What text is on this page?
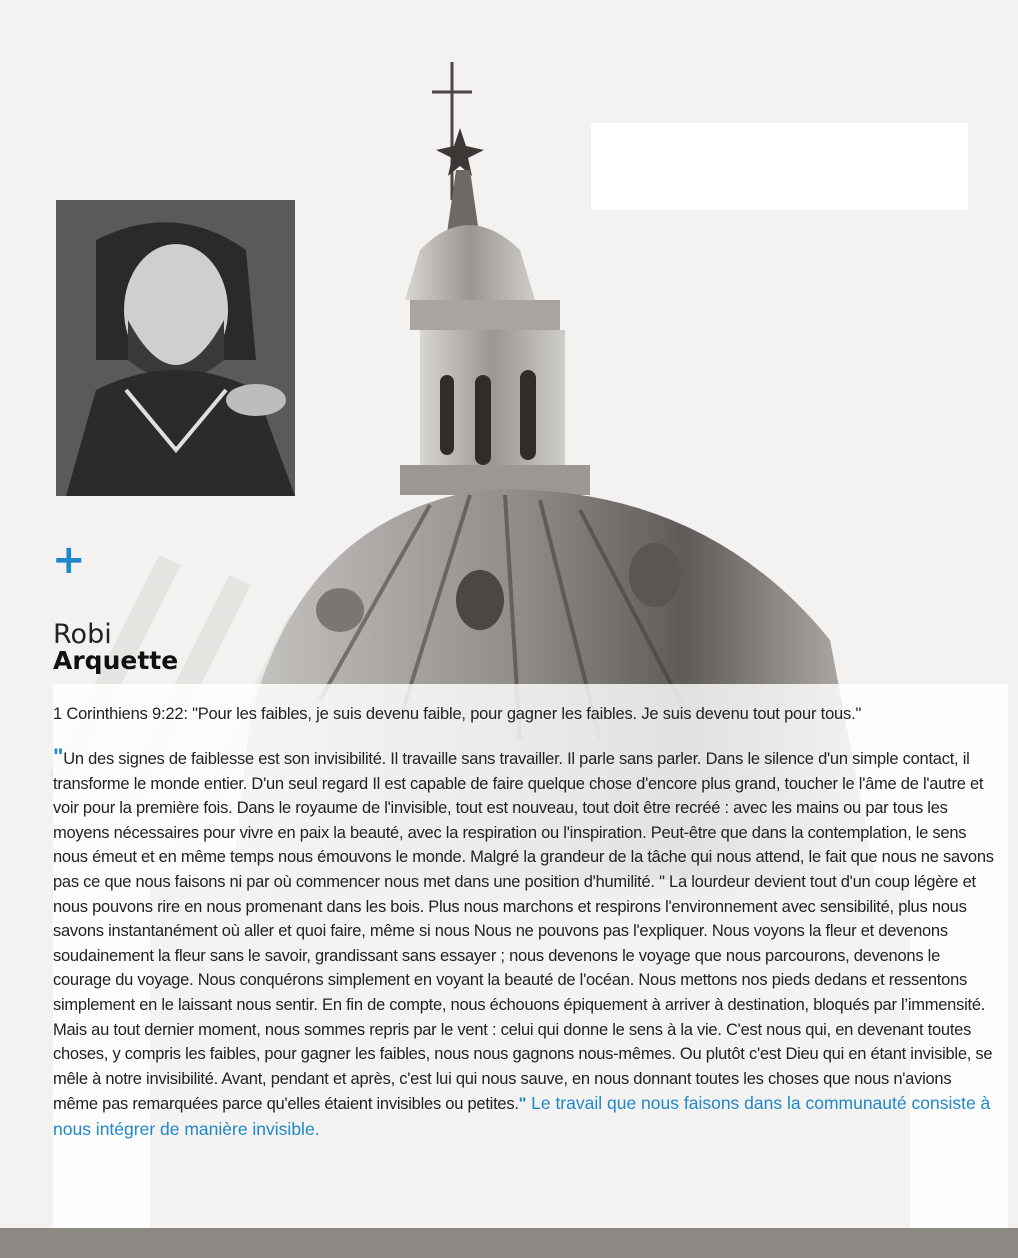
+
Robi
Arquette
1 Corinthiens 9:22: "Pour les faibles, je suis devenu faible, pour gagner les faibles. Je suis devenu tout pour tous."
"Un des signes de faiblesse est son invisibilité. Il travaille sans travailler. Il parle sans parler. Dans le silence d'un simple contact, il transforme le monde entier. D'un seul regard Il est capable de faire quelque chose d'encore plus grand, toucher le l'âme de l'autre et voir pour la première fois. Dans le royaume de l'invisible, tout est nouveau, tout doit être recréé : avec les mains ou par tous les moyens nécessaires pour vivre en paix la beauté, avec la respiration ou l'inspiration. Peut-être que dans la contemplation, le sens nous émeut et en même temps nous émouvons le monde. Malgré la grandeur de la tâche qui nous attend, le fait que nous ne savons pas ce que nous faisons ni par où commencer nous met dans une position d'humilité. " La lourdeur devient tout d'un coup légère et nous pouvons rire en nous promenant dans les bois. Plus nous marchons et respirons l'environnement avec sensibilité, plus nous savons instantanément où aller et quoi faire, même si nous Nous ne pouvons pas l'expliquer. Nous voyons la fleur et devenons soudainement la fleur sans le savoir, grandissant sans essayer ; nous devenons le voyage que nous parcourons, devenons le courage du voyage. Nous conquérons simplement en voyant la beauté de l'océan. Nous mettons nos pieds dedans et ressentons simplement en le laissant nous sentir. En fin de compte, nous échouons épiquement à arriver à destination, bloqués par l’immensité. Mais au tout dernier moment, nous sommes repris par le vent : celui qui donne le sens à la vie. C'est nous qui, en devenant toutes choses, y compris les faibles, pour gagner les faibles, nous nous gagnons nous-mêmes. Ou plutôt c'est Dieu qui en étant invisible, se mêle à notre invisibilité. Avant, pendant et après, c'est lui qui nous sauve, en nous donnant toutes les choses que nous n'avions même pas remarquées parce qu'elles étaient invisibles ou petites." Le travail que nous faisons dans la communauté consiste à nous intégrer de manière invisible.
